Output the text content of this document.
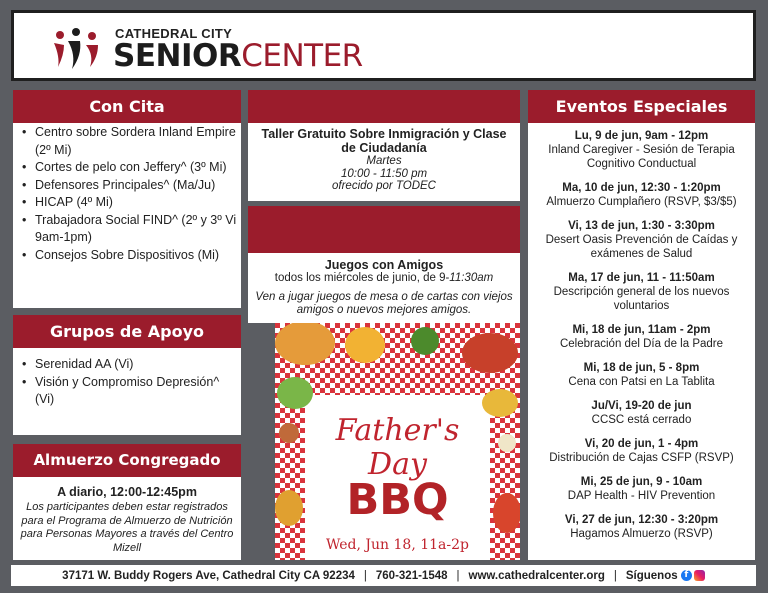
CATHEDRAL CITY
SENIORCENTER
Con Cita
• Centro sobre Sordera Inland Empire (2º Mi)
• Cortes de pelo con Jeffery^ (3º Mi)
• Defensores Principales^ (Ma/Ju)
• HICAP (4º Mi)
• Trabajadora Social FIND^ (2º y 3º Vi 9am-1pm)
• Consejos Sobre Dispositivos (Mi)
Grupos de Apoyo
• Serenidad AA (Vi)
• Visión y Compromiso Depresión^ (Vi)
Almuerzo Congregado
A diario, 12:00-12:45pm
Los participantes deben estar registrados para el Programa de Almuerzo de Nutrición para Personas Mayores a través del Centro Mizell
Taller Gratuito Sobre Inmigración y Clase de Ciudadanía
Martes
10:00 - 11:50 pm
ofrecido por TODEC
Juegos con Amigos
todos los miércoles de junio, de 9-11:30am
Ven a jugar juegos de mesa o de cartas con viejos amigos o nuevos mejores amigos.
Father's
Day
BBQ
Wed, Jun 18, 11a-2p
Eventos Especiales
Lu, 9 de jun, 9am - 12pm
Inland Caregiver - Sesión de Terapia Cognitivo Conductual
Ma, 10 de jun, 12:30 - 1:20pm
Almuerzo Cumplañero (RSVP, $3/$5)
Vi, 13 de jun, 1:30 - 3:30pm
Desert Oasis Prevención de Caídas y exámenes de Salud
Ma, 17 de jun, 11 - 11:50am
Descripción general de los nuevos voluntarios
Mi, 18 de jun, 11am - 2pm
Celebración del Día de la Padre
Mi, 18 de jun, 5 - 8pm
Cena con Patsi en La Tablita
Ju/Vi, 19-20 de jun
CCSC está cerrado
Vi, 20 de jun, 1 - 4pm
Distribución de Cajas CSFP (RSVP)
Mi, 25 de jun, 9 - 10am
DAP Health - HIV Prevention
Vi, 27 de jun, 12:30 - 3:20pm
Hagamos Almuerzo (RSVP)
37171 W. Buddy Rogers Ave, Cathedral City CA 92234 | 760-321-1548 | www.cathedralcenter.org | Síguenos f
